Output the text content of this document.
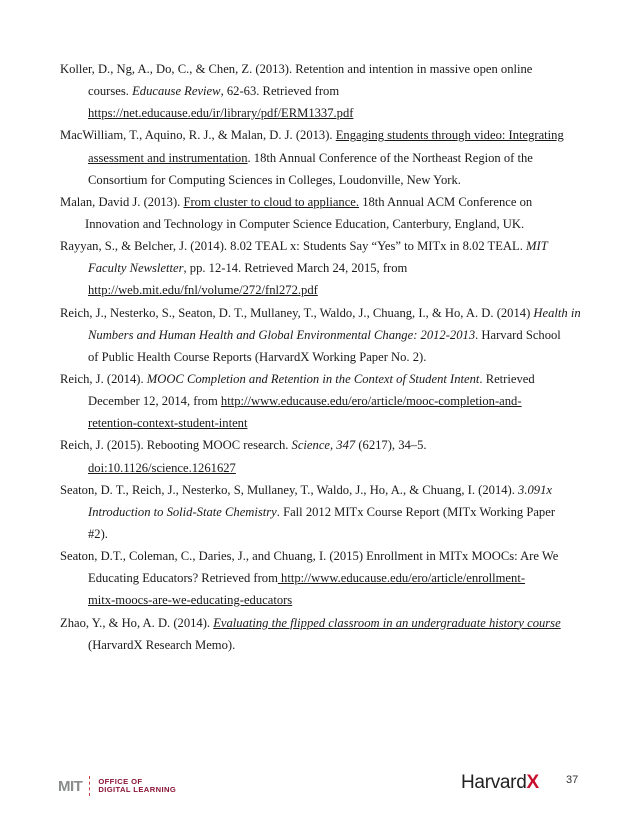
Koller, D., Ng, A., Do, C., & Chen, Z. (2013). Retention and intention in massive open online
courses. Educause Review, 62-63. Retrieved from
https://net.educause.edu/ir/library/pdf/ERM1337.pdf
MacWilliam, T., Aquino, R. J., & Malan, D. J. (2013). Engaging students through video: Integrating
assessment and instrumentation. 18th Annual Conference of the Northeast Region of the
Consortium for Computing Sciences in Colleges, Loudonville, New York.
Malan, David J. (2013). From cluster to cloud to appliance. 18th Annual ACM Conference on
Innovation and Technology in Computer Science Education, Canterbury, England, UK.
Rayyan, S., & Belcher, J. (2014). 8.02 TEAL x: Students Say “Yes” to MITx in 8.02 TEAL. MIT
Faculty Newsletter, pp. 12-14. Retrieved March 24, 2015, from
http://web.mit.edu/fnl/volume/272/fnl272.pdf
Reich, J., Nesterko, S., Seaton, D. T., Mullaney, T., Waldo, J., Chuang, I., & Ho, A. D. (2014) Health in
Numbers and Human Health and Global Environmental Change: 2012-2013. Harvard School
of Public Health Course Reports (HarvardX Working Paper No. 2).
Reich, J. (2014). MOOC Completion and Retention in the Context of Student Intent. Retrieved
December 12, 2014, from http://www.educause.edu/ero/article/mooc-completion-and-
retention-context-student-intent
Reich, J. (2015). Rebooting MOOC research. Science, 347 (6217), 34–5.
doi:10.1126/science.1261627
Seaton, D. T., Reich, J., Nesterko, S, Mullaney, T., Waldo, J., Ho, A., & Chuang, I. (2014). 3.091x
Introduction to Solid-State Chemistry. Fall 2012 MITx Course Report (MITx Working Paper
#2).
Seaton, D.T., Coleman, C., Daries, J., and Chuang, I. (2015) Enrollment in MITx MOOCs: Are We
Educating Educators? Retrieved from http://www.educause.edu/ero/article/enrollment-
mitx-moocs-are-we-educating-educators
Zhao, Y., & Ho, A. D. (2014). Evaluating the flipped classroom in an undergraduate history course
(HarvardX Research Memo).
MIT OFFICE OF
DIGITAL LEARNING	HarvardX 37
